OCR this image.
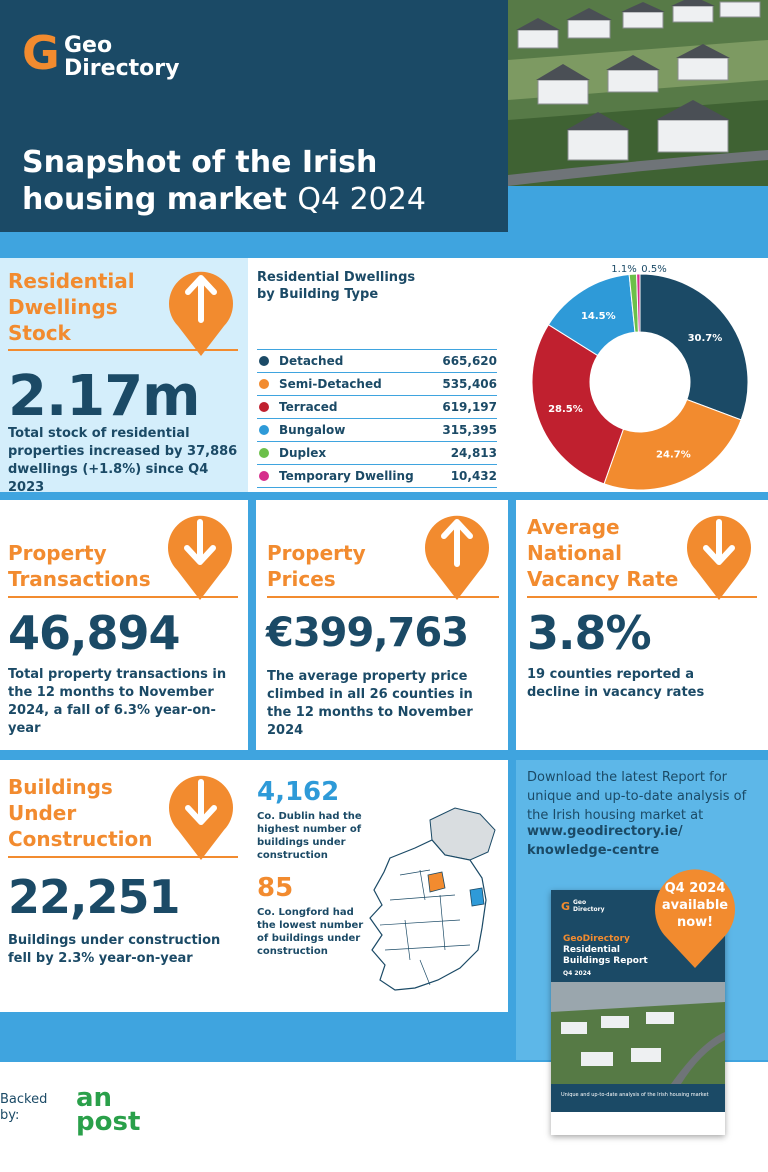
G Geo
Directory
Snapshot of the Irish
housing market Q4 2024
Residential
Dwellings
Stock
2.17m
Total stock of residential properties increased by 37,886 dwellings (+1.8%) since Q4 2023
Residential Dwellings
by Building Type
Detached	665,620
Semi-Detached	535,406
Terraced	619,197
Bungalow	315,395
Duplex	24,813
Temporary Dwelling	10,432
30.7%
24.7%
28.5%
14.5%
1.1% 0.5%
Property
Transactions
46,894
Total property transactions in the 12 months to November 2024, a fall of 6.3% year-on-year
Property
Prices
€399,763
The average property price climbed in all 26 counties in the 12 months to November 2024
Average
National
Vacancy Rate
3.8%
19 counties reported a decline in vacancy rates
Buildings
Under
Construction
22,251
Buildings under construction fell by 2.3% year-on-year
4,162
Co. Dublin had the highest number of buildings under construction
85
Co. Longford had the lowest number of buildings under construction
Download the latest Report for unique and up-to-date analysis of the Irish housing market at
www.geodirectory.ie/
knowledge-centre
Backed
by:
an
post
G Geo
Directory
GeoDirectory
Residential
Buildings Report
Q4 2024
Unique and up-to-date analysis of the Irish housing market
Q4 2024
available
now!
